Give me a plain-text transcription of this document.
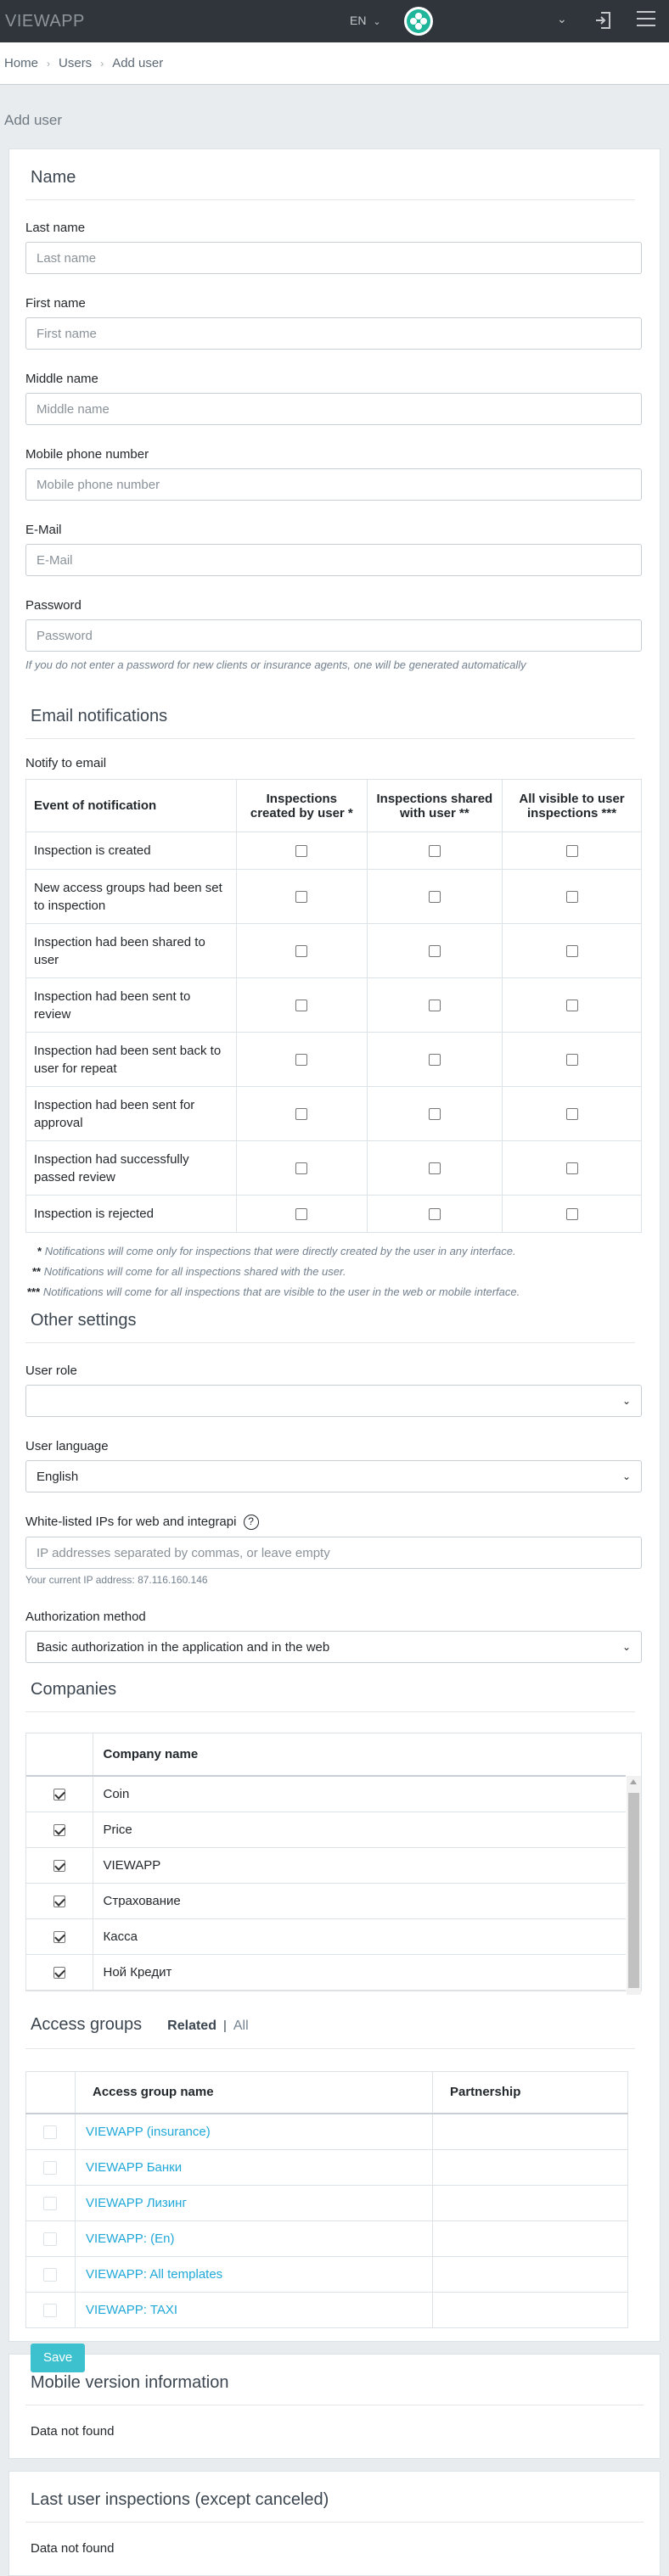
VIEWAPP	EN ⌄	⌄
Home › Users › Add user
Add user
Name
Last name
Last name
First name
First name
Middle name
Middle name
Mobile phone number
Mobile phone number
E-Mail
E-Mail
Password
Password
If you do not enter a password for new clients or insurance agents, one will be generated automatically
Email notifications
Notify to email
Event of notification	Inspections created by user *	Inspections shared with user **	All visible to user inspections ***
Inspection is created			
New access groups had been set to inspection			
Inspection had been shared to user			
Inspection had been sent to review			
Inspection had been sent back to user for repeat			
Inspection had been sent for approval			
Inspection had successfully passed review			
Inspection is rejected			
* Notifications will come only for inspections that were directly created by the user in any interface.
** Notifications will come for all inspections shared with the user.
*** Notifications will come for all inspections that are visible to the user in the web or mobile interface.
Other settings
User role
⌄
User language
English	⌄
White-listed IPs for web and integrapi ?
IP addresses separated by commas, or leave empty
Your current IP address: 87.116.160.146
Authorization method
Basic authorization in the application and in the web	⌄
Companies
	Company name
	Coin
	Price
	VIEWAPP
	Страхование
	Касса
	Ной Кредит
Access groups Related | All
	Access group name	Partnership
	VIEWAPP (insurance)	
	VIEWAPP Банки	
	VIEWAPP Лизинг	
	VIEWAPP: (En)	
	VIEWAPP: All templates	
	VIEWAPP: TAXI	
Save
Mobile version information
Data not found
Last user inspections (except canceled)
Data not found
